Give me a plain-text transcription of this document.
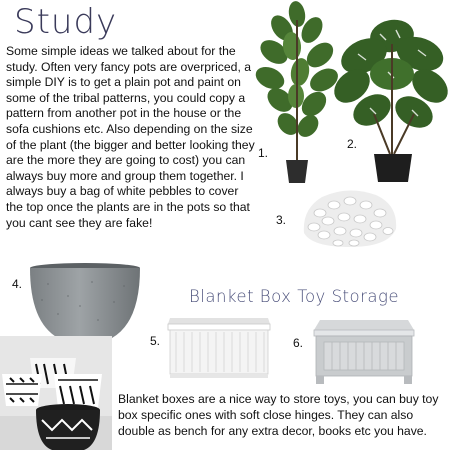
Study
Some simple ideas we talked about for the study. Often very fancy pots are overpriced, a simple DIY is to get a plain pot and paint on some of the tribal patterns, you could copy a pattern from another pot in the house or the sofa cushions etc. Also depending on the size of the plant (the bigger and better looking they are the more they are going to cost) you can always buy more and group them together. I always buy a bag of white pebbles to cover the top once the plants are in the pots so that you cant see they are fake!
1.
2.
3.
4.
5.	6.
Blanket Box Toy Storage
Blanket boxes are a nice way to store toys, you can buy toy box specific ones with soft close hinges. They can also double as bench for any extra decor, books etc you have.
